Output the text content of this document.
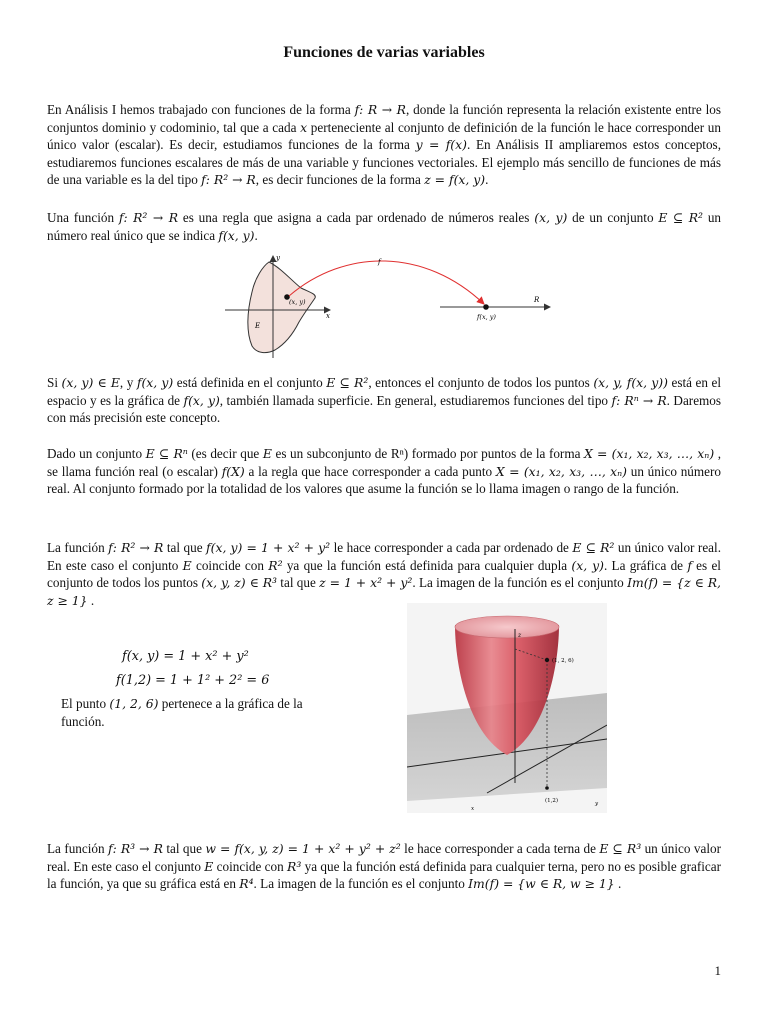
Funciones de varias variables

En Análisis I hemos trabajado con funciones de la forma f: R → R, donde la función representa la relación existente entre los conjuntos dominio y codominio, tal que a cada x perteneciente al conjunto de definición de la función le hace corresponder un único valor (escalar). Es decir, estudiamos funciones de la forma y = f(x). En Análisis II ampliaremos estos conceptos, estudiaremos funciones escalares de más de una variable y funciones vectoriales. El ejemplo más sencillo de funciones de más de una variable es la del tipo f: R² → R, es decir funciones de la forma z = f(x, y).

Una función f: R² → R es una regla que asigna a cada par ordenado de números reales (x, y) de un conjunto E ⊆ R² un número real único que se indica f(x, y).

y
x
E
(x, y)
f
R
f(x, y)

Si (x, y) ∈ E, y f(x, y) está definida en el conjunto E ⊆ R², entonces el conjunto de todos los puntos (x, y, f(x, y)) está en el espacio y es la gráfica de f(x, y), también llamada superficie. En general, estudiaremos funciones del tipo f: Rⁿ → R. Daremos con más precisión este concepto.

Dado un conjunto E ⊆ Rⁿ (es decir que E es un subconjunto de Rⁿ) formado por puntos de la forma X = (x₁, x₂, x₃, …, xₙ) , se llama función real (o escalar) f(X) a la regla que hace corresponder a cada punto X = (x₁, x₂, x₃, …, xₙ) un único número real. Al conjunto formado por la totalidad de los valores que asume la función se lo llama imagen o rango de la función.

La función f: R² → R tal que f(x, y) = 1 + x² + y² le hace corresponder a cada par ordenado de E ⊆ R² un único valor real. En este caso el conjunto E coincide con R² ya que la función está definida para cualquier dupla (x, y). La gráfica de f es el conjunto de todos los puntos (x, y, z) ∈ R³ tal que z = 1 + x² + y². La imagen de la función es el conjunto Im(f) = {z ∈ R, z ≥ 1} .

f(x, y) = 1 + x² + y²
f(1,2) = 1 + 1² + 2² = 6
El punto (1, 2, 6) pertenece a la gráfica de la función.
z
(1, 2, 6)
(1,2)
x
y

La función f: R³ → R tal que w = f(x, y, z) = 1 + x² + y² + z² le hace corresponder a cada terna de E ⊆ R³ un único valor real. En este caso el conjunto E coincide con R³ ya que la función está definida para cualquier terna, pero no es posible graficar la función, ya que su gráfica está en R⁴. La imagen de la función es el conjunto Im(f) = {w ∈ R, w ≥ 1} .

1
